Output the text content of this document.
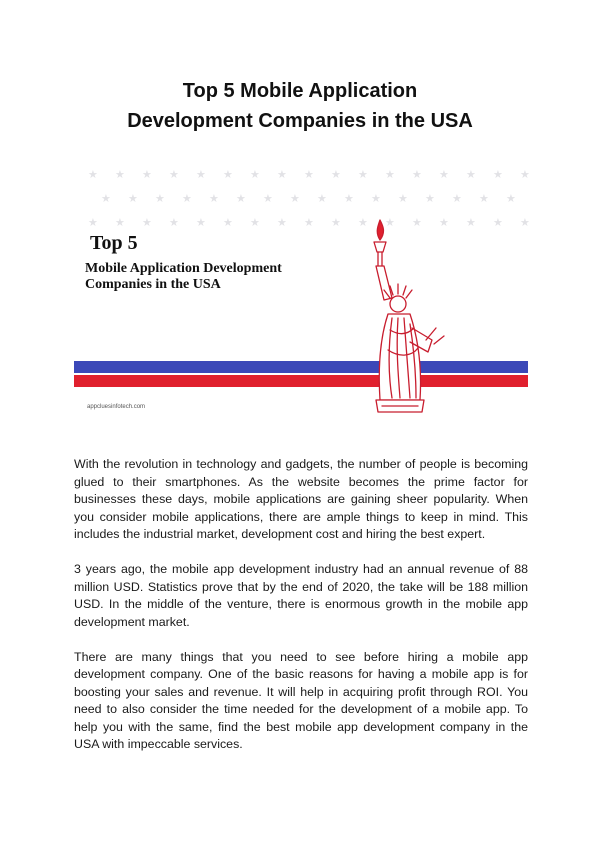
Top 5 Mobile Application
Development Companies in the USA
★ ★ ★ ★ ★ ★ ★ ★ ★ ★ ★ ★ ★ ★ ★ ★ ★
★ ★ ★ ★ ★ ★ ★ ★ ★ ★ ★ ★ ★ ★ ★ ★
★ ★ ★ ★ ★ ★ ★ ★ ★ ★ ★ ★ ★ ★ ★ ★ ★
Top 5
Mobile Application Development
Companies in the USA
appclues​infotech.com

With the revolution in technology and gadgets, the number of people is becoming glued to their smartphones. As the website becomes the prime factor for businesses these days, mobile applications are gaining sheer popularity. When you consider mobile applications, there are ample things to keep in mind. This includes the industrial market, development cost and hiring the best expert.

3 years ago, the mobile app development industry had an annual revenue of 88 million USD. Statistics prove that by the end of 2020, the take will be 188 million USD. In the middle of the venture, there is enormous growth in the mobile app development market.

There are many things that you need to see before hiring a mobile app development company. One of the basic reasons for having a mobile app is for boosting your sales and revenue. It will help in acquiring profit through ROI. You need to also consider the time needed for the development of a mobile app. To help you with the same, find the best mobile app development company in the USA with impeccable services.
